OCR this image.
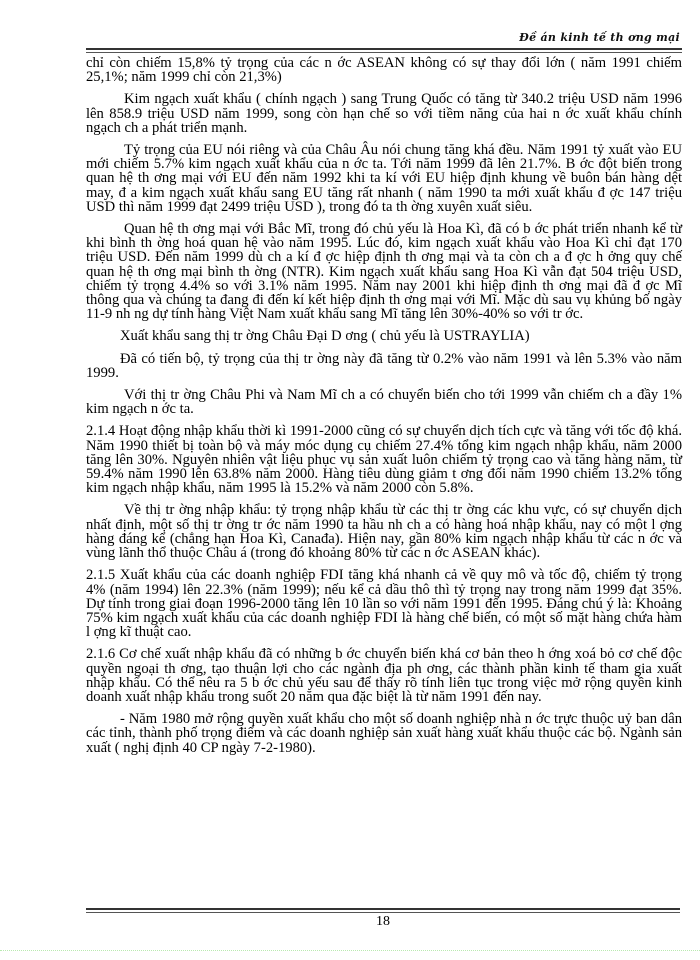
Đề án kinh tế th ơng mại

chỉ còn chiếm 15,8% tỷ trọng của các n ớc ASEAN không có sự thay đổi lớn ( năm 1991 chiếm 25,1%; năm 1999 chỉ còn 21,3%)

Kim ngạch xuất khẩu ( chính ngạch ) sang Trung Quốc có tăng từ 340.2 triệu USD năm 1996 lên 858.9 triệu USD năm 1999, song còn hạn chế so với tiềm năng của hai n ớc xuất khẩu chính ngạch ch a phát triển mạnh.

Tỷ trọng của EU nói riêng và của Châu Âu nói chung tăng khá đều. Năm 1991 tỷ xuất vào EU mới chiếm 5.7% kim ngạch xuất khẩu của n ớc ta. Tới năm 1999 đã lên 21.7%. B ớc đột biến trong quan hệ th ơng mại với EU đến năm 1992 khi ta kí với EU hiệp định khung về buôn bán hàng dệt may, đ a kim ngạch xuất khẩu sang EU tăng rất nhanh ( năm 1990 ta mới xuất khẩu đ ợc 147 triệu USD thì năm 1999 đạt 2499 triệu USD ), trong đó ta th ờng xuyên xuất siêu.

Quan hệ th ơng mại với Bắc Mĩ, trong đó chủ yếu là Hoa Kì, đã có b ớc phát triển nhanh kể từ khi bình th ờng hoá quan hệ vào năm 1995. Lúc đó, kim ngạch xuất khẩu vào Hoa Kì chỉ đạt 170 triệu USD. Đến năm 1999 dù ch a kí đ ợc hiệp định th ơng mại và ta còn ch a đ ợc h ởng quy chế quan hệ th ơng mại bình th ờng (NTR). Kim ngạch xuất khẩu sang Hoa Kì vẫn đạt 504 triệu USD, chiếm tỷ trọng 4.4% so với 3.1% năm 1995. Năm nay 2001 khi hiệp định th ơng mại đã đ ợc Mĩ thông qua và chúng ta đang đi đến kí kết hiệp định th ơng mại với Mĩ. Mặc dù sau vụ khủng bố ngày 11-9 nh ng dự tính hàng Việt Nam xuất khẩu sang Mĩ tăng lên 30%-40% so với tr ớc.

Xuất khẩu sang thị tr ờng Châu Đại D ơng ( chủ yếu là USTRAYLIA)

Đã có tiến bộ, tỷ trọng của thị tr ờng này đã tăng từ 0.2% vào năm 1991 và lên 5.3% vào năm 1999.

Với thị tr ờng Châu Phi và Nam Mĩ ch a có chuyển biến cho tới 1999 vẫn chiếm ch a đầy 1% kim ngạch n ớc ta.

2.1.4 Hoạt động nhập khẩu thời kì 1991-2000 cũng có sự chuyển dịch tích cực và tăng với tốc độ khá. Năm 1990 thiết bị toàn bộ và máy móc dụng cụ chiếm 27.4% tổng kim ngạch nhập khẩu, năm 2000 tăng lên 30%. Nguyên nhiên vật liệu phục vụ sản xuất luôn chiếm tỷ trọng cao và tăng hàng năm, từ 59.4% năm 1990 lên 63.8% năm 2000. Hàng tiêu dùng giảm t ơng đối năm 1990 chiếm 13.2% tổng kim ngạch nhập khẩu, năm 1995 là 15.2% và năm 2000 còn 5.8%.

Về thị tr ờng nhập khẩu: tỷ trọng nhập khẩu từ các thị tr ờng các khu vực, có sự chuyển dịch nhất định, một số thị tr ờng tr ớc năm 1990 ta hầu nh ch a có hàng hoá nhập khẩu, nay có một l ợng hàng đáng kể (chẳng hạn Hoa Kì, Canađa). Hiện nay, gần 80% kim ngạch nhập khẩu từ các n ớc và vùng lãnh thổ thuộc Châu á (trong đó khoảng 80% từ các n ớc ASEAN khác).

2.1.5 Xuất khẩu của các doanh nghiệp FDI tăng khá nhanh cả về quy mô và tốc độ, chiếm tỷ trọng 4% (năm 1994) lên 22.3% (năm 1999); nếu kể cả dầu thô thì tỷ trọng nay trong năm 1999 đạt 35%. Dự tính trong giai đoạn 1996-2000 tăng lên 10 lần so với năm 1991 đến 1995. Đáng chú ý là: Khoảng 75% kim ngạch xuất khẩu của các doanh nghiệp FDI là hàng chế biến, có một số mặt hàng chứa hàm l ợng kĩ thuật cao.

2.1.6 Cơ chế xuất nhập khẩu đã có những b ớc chuyển biến khá cơ bản theo h ớng xoá bỏ cơ chế độc quyền ngoại th ơng, tạo thuận lợi cho các ngành địa ph ơng, các thành phần kinh tế tham gia xuất nhập khẩu. Có thể nêu ra 5 b ớc chủ yếu sau để thấy rõ tính liên tục trong việc mở rộng quyền kinh doanh xuất nhập khẩu trong suốt 20 năm qua đặc biệt là từ năm 1991 đến nay.

- Năm 1980 mở rộng quyền xuất khẩu cho một số doanh nghiệp nhà n ớc trực thuộc uỷ ban dân các tỉnh, thành phố trọng điểm và các doanh nghiệp sản xuất hàng xuất khẩu thuộc các bộ. Ngành sản xuất ( nghị định 40 CP ngày 7-2-1980).

18
